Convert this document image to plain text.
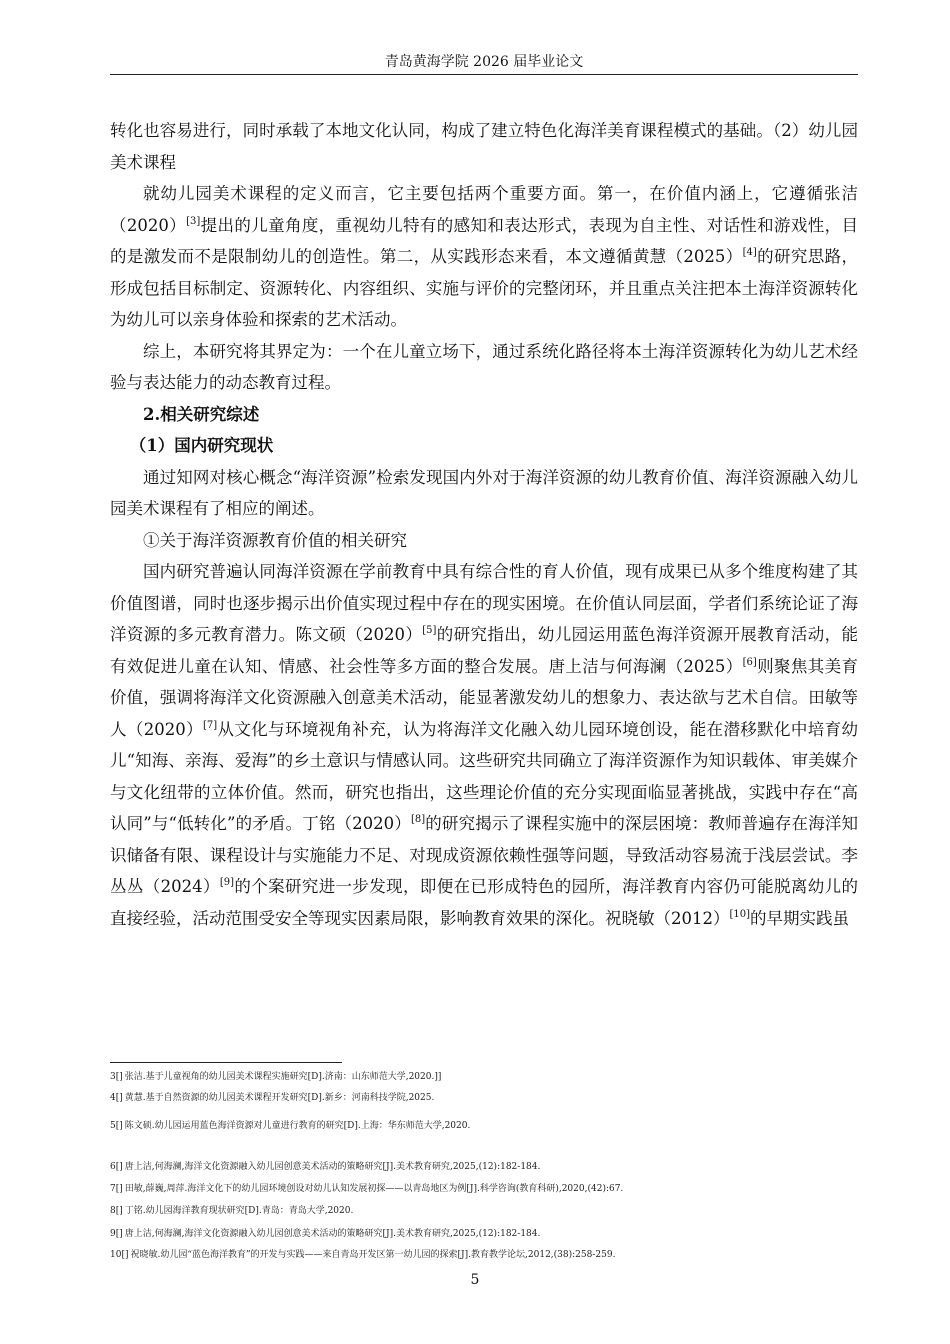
青岛黄海学院 2026 届毕业论文

转化也容易进行，同时承载了本地文化认同，构成了建立特色化海洋美育课程模式的基础。（2）幼儿园美术课程

就幼儿园美术课程的定义而言，它主要包括两个重要方面。第一，在价值内涵上，它遵循张洁（2020）[3]提出的儿童角度，重视幼儿特有的感知和表达形式，表现为自主性、对话性和游戏性，目的是激发而不是限制幼儿的创造性。第二，从实践形态来看，本文遵循黄慧（2025）[4]的研究思路，形成包括目标制定、资源转化、内容组织、实施与评价的完整闭环，并且重点关注把本土海洋资源转化为幼儿可以亲身体验和探索的艺术活动。

综上，本研究将其界定为：一个在儿童立场下，通过系统化路径将本土海洋资源转化为幼儿艺术经验与表达能力的动态教育过程。

2.相关研究综述

（1）国内研究现状

通过知网对核心概念“海洋资源”检索发现国内外对于海洋资源的幼儿教育价值、海洋资源融入幼儿园美术课程有了相应的阐述。

①关于海洋资源教育价值的相关研究

国内研究普遍认同海洋资源在学前教育中具有综合性的育人价值，现有成果已从多个维度构建了其价值图谱，同时也逐步揭示出价值实现过程中存在的现实困境。在价值认同层面，学者们系统论证了海洋资源的多元教育潜力。陈文硕（2020）[5]的研究指出，幼儿园运用蓝色海洋资源开展教育活动，能有效促进儿童在认知、情感、社会性等多方面的整合发展。唐上洁与何海澜（2025）[6]则聚焦其美育价值，强调将海洋文化资源融入创意美术活动，能显著激发幼儿的想象力、表达欲与艺术自信。田敏等人（2020）[7]从文化与环境视角补充，认为将海洋文化融入幼儿园环境创设，能在潜移默化中培育幼儿“知海、亲海、爱海”的乡土意识与情感认同。这些研究共同确立了海洋资源作为知识载体、审美媒介与文化纽带的立体价值。然而，研究也指出，这些理论价值的充分实现面临显著挑战，实践中存在“高认同”与“低转化”的矛盾。丁铭（2020）[8]的研究揭示了课程实施中的深层困境：教师普遍存在海洋知识储备有限、课程设计与实施能力不足、对现成资源依赖性强等问题，导致活动容易流于浅层尝试。李丛丛（2024）[9]的个案研究进一步发现，即便在已形成特色的园所，海洋教育内容仍可能脱离幼儿的直接经验，活动范围受安全等现实因素局限，影响教育效果的深化。祝晓敏（2012）[10]的早期实践虽

3[] 张洁.基于儿童视角的幼儿园美术课程实施研究[D].济南：山东师范大学,2020.]]
4[] 黄慧.基于自然资源的幼儿园美术课程开发研究[D].新乡：河南科技学院,2025.
5[] 陈文硕.幼儿园运用蓝色海洋资源对儿童进行教育的研究[D].上海：华东师范大学,2020.
6[] 唐上洁,何海澜,海洋文化资源融入幼儿园创意美术活动的策略研究[J].美术教育研究,2025,(12):182-184.
7[] 田敏,薛巍,周萍.海洋文化下的幼儿园环境创设对幼儿认知发展初探——以青岛地区为例[J].科学咨询(教育科研),2020,(42):67.
8[] 丁铭.幼儿园海洋教育现状研究[D].青岛：青岛大学,2020.
9[] 唐上洁,何海澜,海洋文化资源融入幼儿园创意美术活动的策略研究[J].美术教育研究,2025,(12):182-184.
10[] 祝晓敏.幼儿园“蓝色海洋教育”的开发与实践——来自青岛开发区第一幼儿园的探索[J].教育教学论坛,2012,(38):258-259.
5
